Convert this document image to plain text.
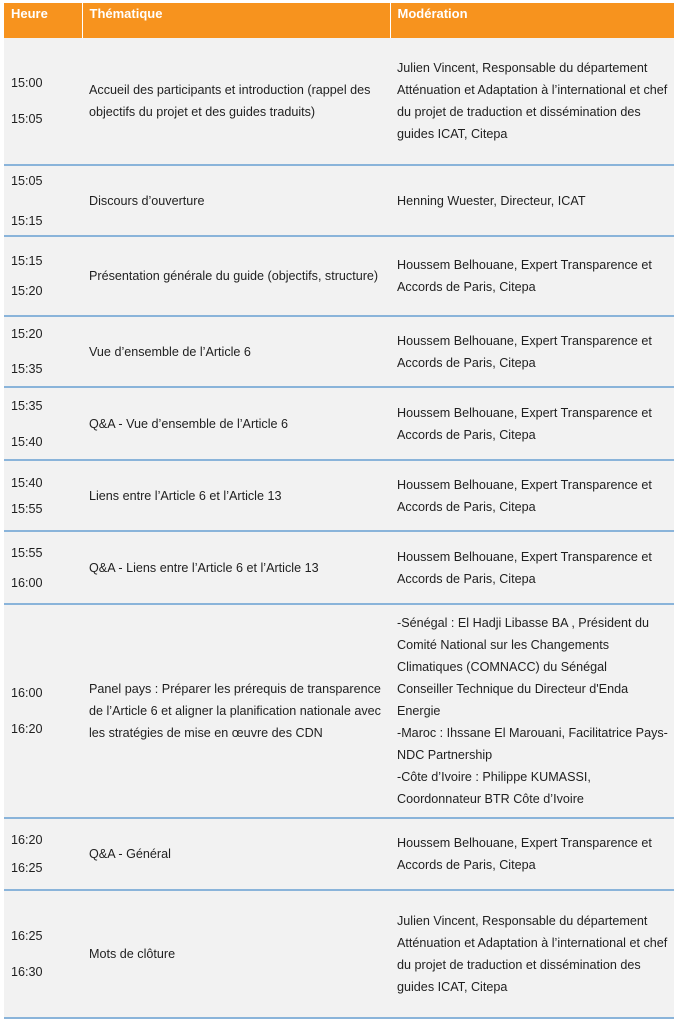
Heure	Thématique	Modération

15:00
15:05	Accueil des participants et introduction (rappel des objectifs du projet et des guides traduits)	Julien Vincent, Responsable du département Atténuation et Adaptation à l’international et chef du projet de traduction et dissémination des guides ICAT, Citepa

15:05
15:15	Discours d’ouverture	Henning Wuester, Directeur, ICAT

15:15
15:20	Présentation générale du guide (objectifs, structure)	Houssem Belhouane, Expert Transparence et Accords de Paris, Citepa

15:20
15:35	Vue d’ensemble de l’Article 6	Houssem Belhouane, Expert Transparence et Accords de Paris, Citepa

15:35
15:40	Q&A - Vue d’ensemble de l’Article 6	Houssem Belhouane, Expert Transparence et Accords de Paris, Citepa

15:40
15:55	Liens entre l’Article 6 et l’Article 13	Houssem Belhouane, Expert Transparence et Accords de Paris, Citepa

15:55
16:00	Q&A - Liens entre l’Article 6 et l’Article 13	Houssem Belhouane, Expert Transparence et Accords de Paris, Citepa

16:00
16:20	Panel pays : Préparer les prérequis de transparence de l’Article 6 et aligner la planification nationale avec les stratégies de mise en œuvre des CDN	-Sénégal : El Hadji Libasse BA , Président du Comité National sur les Changements Climatiques (COMNACC) du Sénégal
Conseiller Technique du Directeur d'Enda Energie
-Maroc : Ihssane El Marouani, Facilitatrice Pays-NDC Partnership
-Côte d’Ivoire : Philippe KUMASSI, Coordonnateur BTR Côte d’Ivoire

16:20
16:25	Q&A - Général	Houssem Belhouane, Expert Transparence et Accords de Paris, Citepa

16:25
16:30	Mots de clôture	Julien Vincent, Responsable du département Atténuation et Adaptation à l’international et chef du projet de traduction et dissémination des guides ICAT, Citepa
